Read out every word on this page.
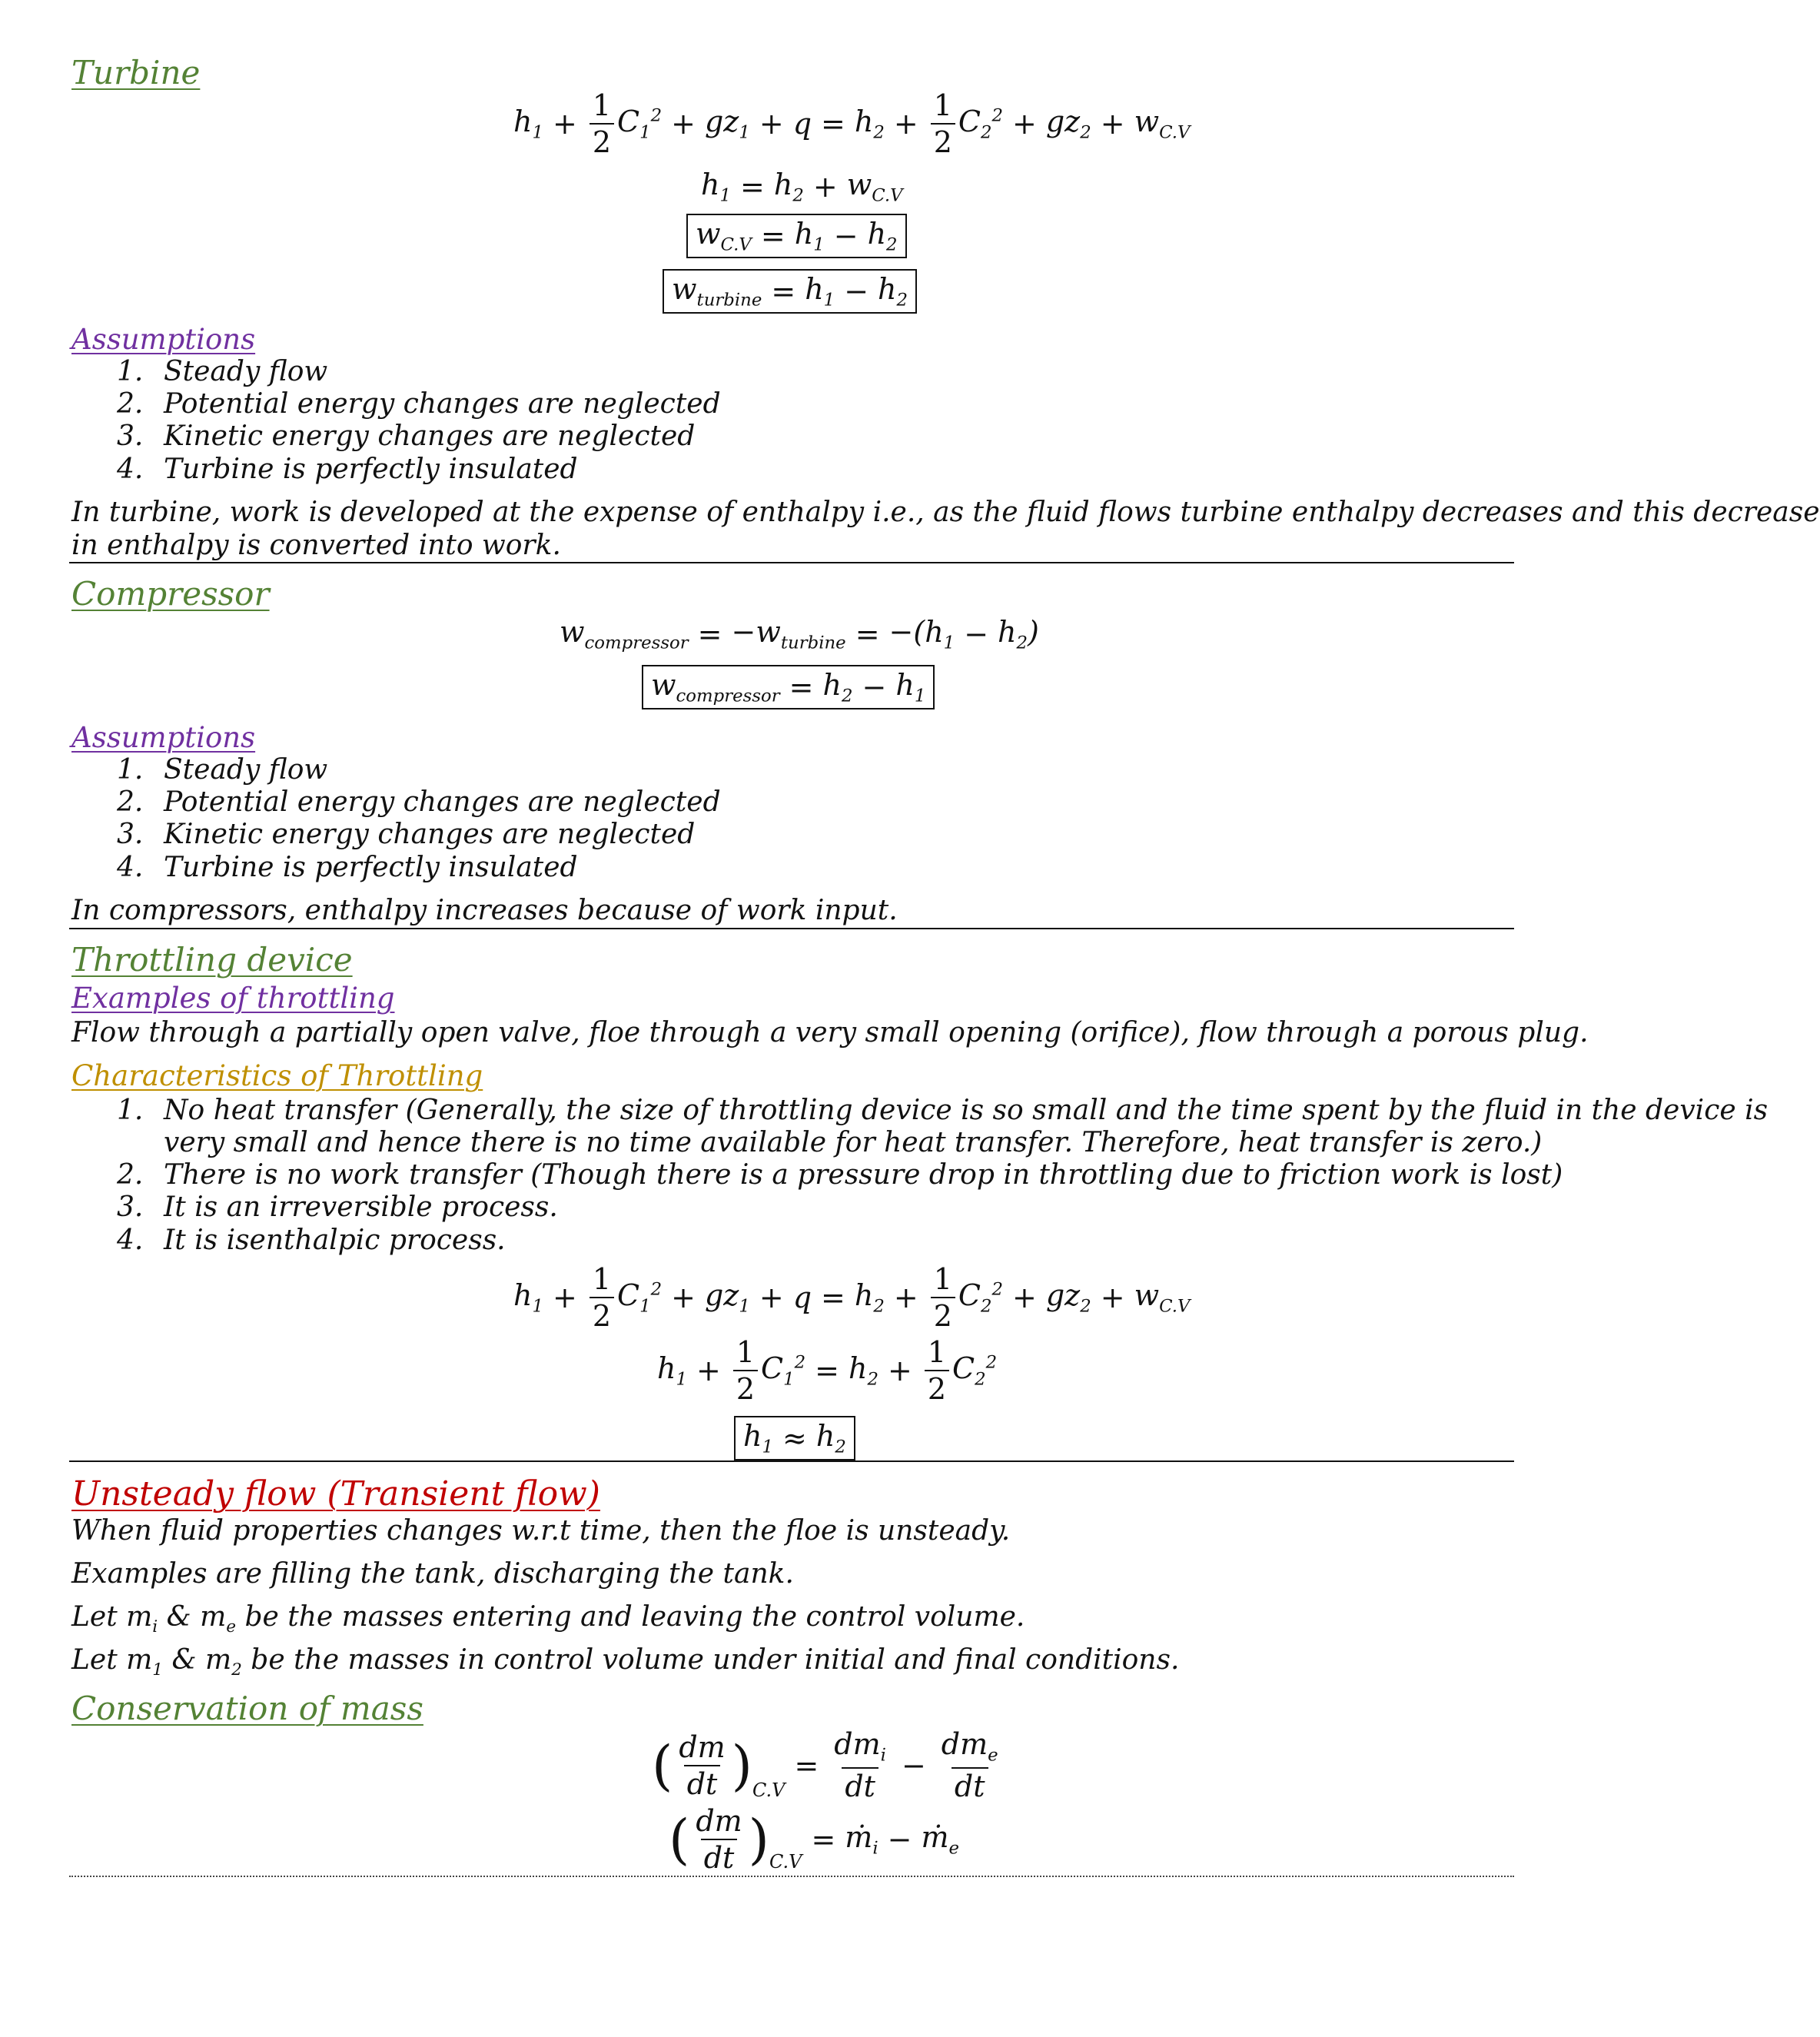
Turbine
$h_1 + \frac{1}{2} C_1^2 + gz_1 + q = h_2 + \frac{1}{2} C_2^2 + gz_2 + w_{C.V}$
$h_1 = h_2 + w_{C.V}$
$w_{C.V} = h_1 - h_2$
$w_{turbine} = h_1 - h_2$
Assumptions
1. Steady flow
2. Potential energy changes are neglected
3. Kinetic energy changes are neglected
4. Turbine is perfectly insulated
In turbine, work is developed at the expense of enthalpy i.e., as the fluid flows turbine enthalpy decreases and this decrease
in enthalpy is converted into work.
Compressor
$w_{compressor} = -w_{turbine} = -(h_1 - h_2)$
$w_{compressor} = h_2 - h_1$
Assumptions
1. Steady flow
2. Potential energy changes are neglected
3. Kinetic energy changes are neglected
4. Turbine is perfectly insulated
In compressors, enthalpy increases because of work input.
Throttling device
Examples of throttling
Flow through a partially open valve, floe through a very small opening (orifice), flow through a porous plug.
Characteristics of Throttling
1. No heat transfer (Generally, the size of throttling device is so small and the time spent by the fluid in the device is
very small and hence there is no time available for heat transfer. Therefore, heat transfer is zero.)
2. There is no work transfer (Though there is a pressure drop in throttling due to friction work is lost)
3. It is an irreversible process.
4. It is isenthalpic process.
$h_1 + \frac{1}{2} C_1^2 + gz_1 + q = h_2 + \frac{1}{2} C_2^2 + gz_2 + w_{C.V}$
$h_1 + \frac{1}{2} C_1^2 = h_2 + \frac{1}{2} C_2^2$
$h_1 \approx h_2$
Unsteady flow (Transient flow)
When fluid properties changes w.r.t time, then the floe is unsteady.
Examples are filling the tank, discharging the tank.
Let $m_i$ & $m_e$ be the masses entering and leaving the control volume.
Let $m_1$ & $m_2$ be the masses in control volume under initial and final conditions.
Conservation of mass
( $\frac{dm}{dt}$ ) C.V
= $\frac{dm_i}{dt} - \frac{dm_e}{dt}$
( $\frac{dm}{dt}$ ) C.V
= ṁ$_i$ − ṁ$_e$
